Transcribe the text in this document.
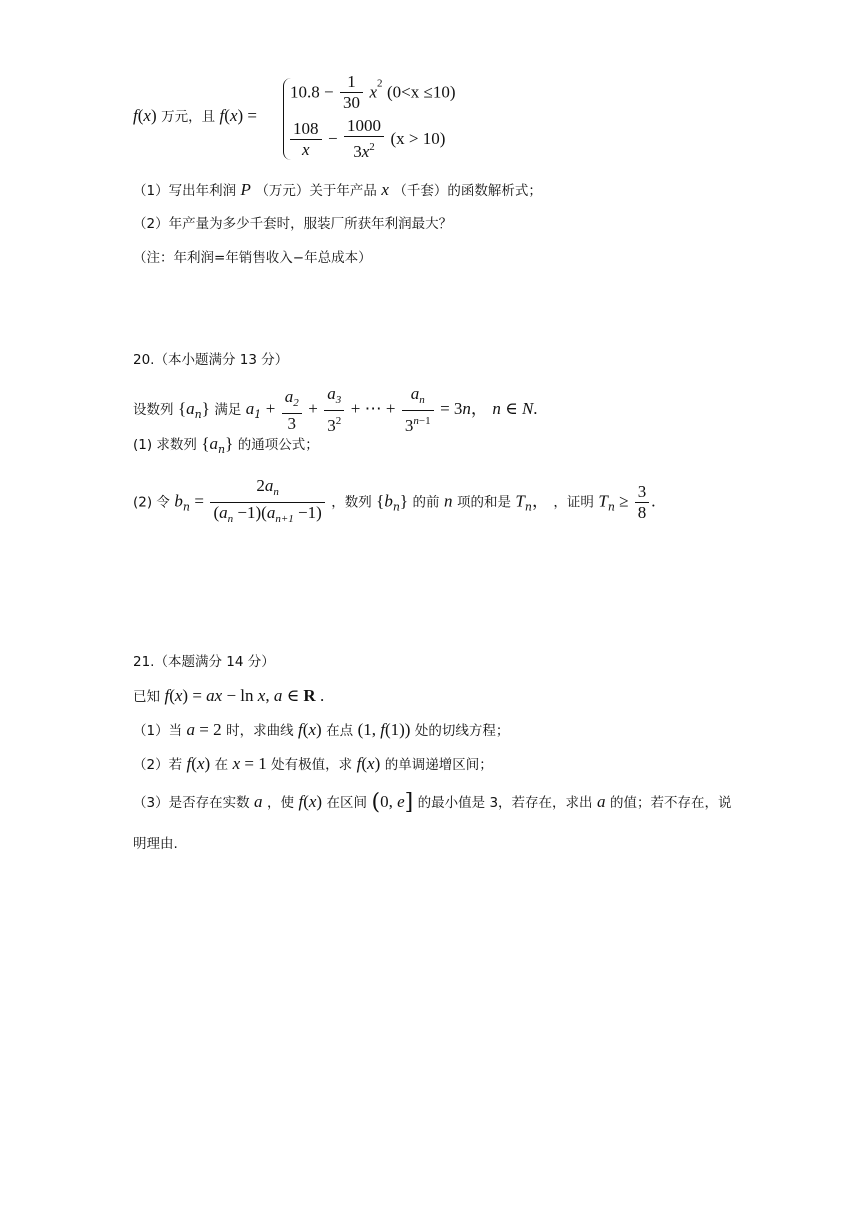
f(x) 万元，且 f(x) =
$10.8 - \frac{1}{30} x^2$ (0<x ≤10)
$\frac{108}{x} - \frac{1000}{3x^2} (x > 10)$
（1）写出年利润 P （万元）关于年产品 x （千套）的函数解析式；
（2）年产量为多少千套时，服装厂所获年利润最大？
（注：年利润=年销售收入−年总成本）
20.（本小题满分 13 分）
设数列 $\{a_n\}$ 满足 $a_1 + \frac{a_2}{3} + \frac{a_3}{3^2}$ + ⋯ + $\frac{a_n}{3^{n-1}} = 3n$， n ∈ N.
(1) 求数列 $\{a_n\}$ 的通项公式；
(2) 令 $b_n = \frac{2a_n}{(a_n -1)(a_{n+1} -1)}$ ，数列 $\{b_n\}$ 的前 n 项的和是 $T_n$， ，证明 $T_n \ge \frac{3}{8}$ .
21.（本题满分 14 分）
已知 f(x) = ax − ln x, a ∈ R .
（1）当 a = 2 时，求曲线 f(x) 在点 (1, f(1)) 处的切线方程；
（2）若 f(x) 在 x = 1 处有极值，求 f(x) 的单调递增区间；
（3）是否存在实数 a ，使 f(x) 在区间 (0, e] 的最小值是 3，若存在，求出 a 的值；若不存在，说
明理由.
